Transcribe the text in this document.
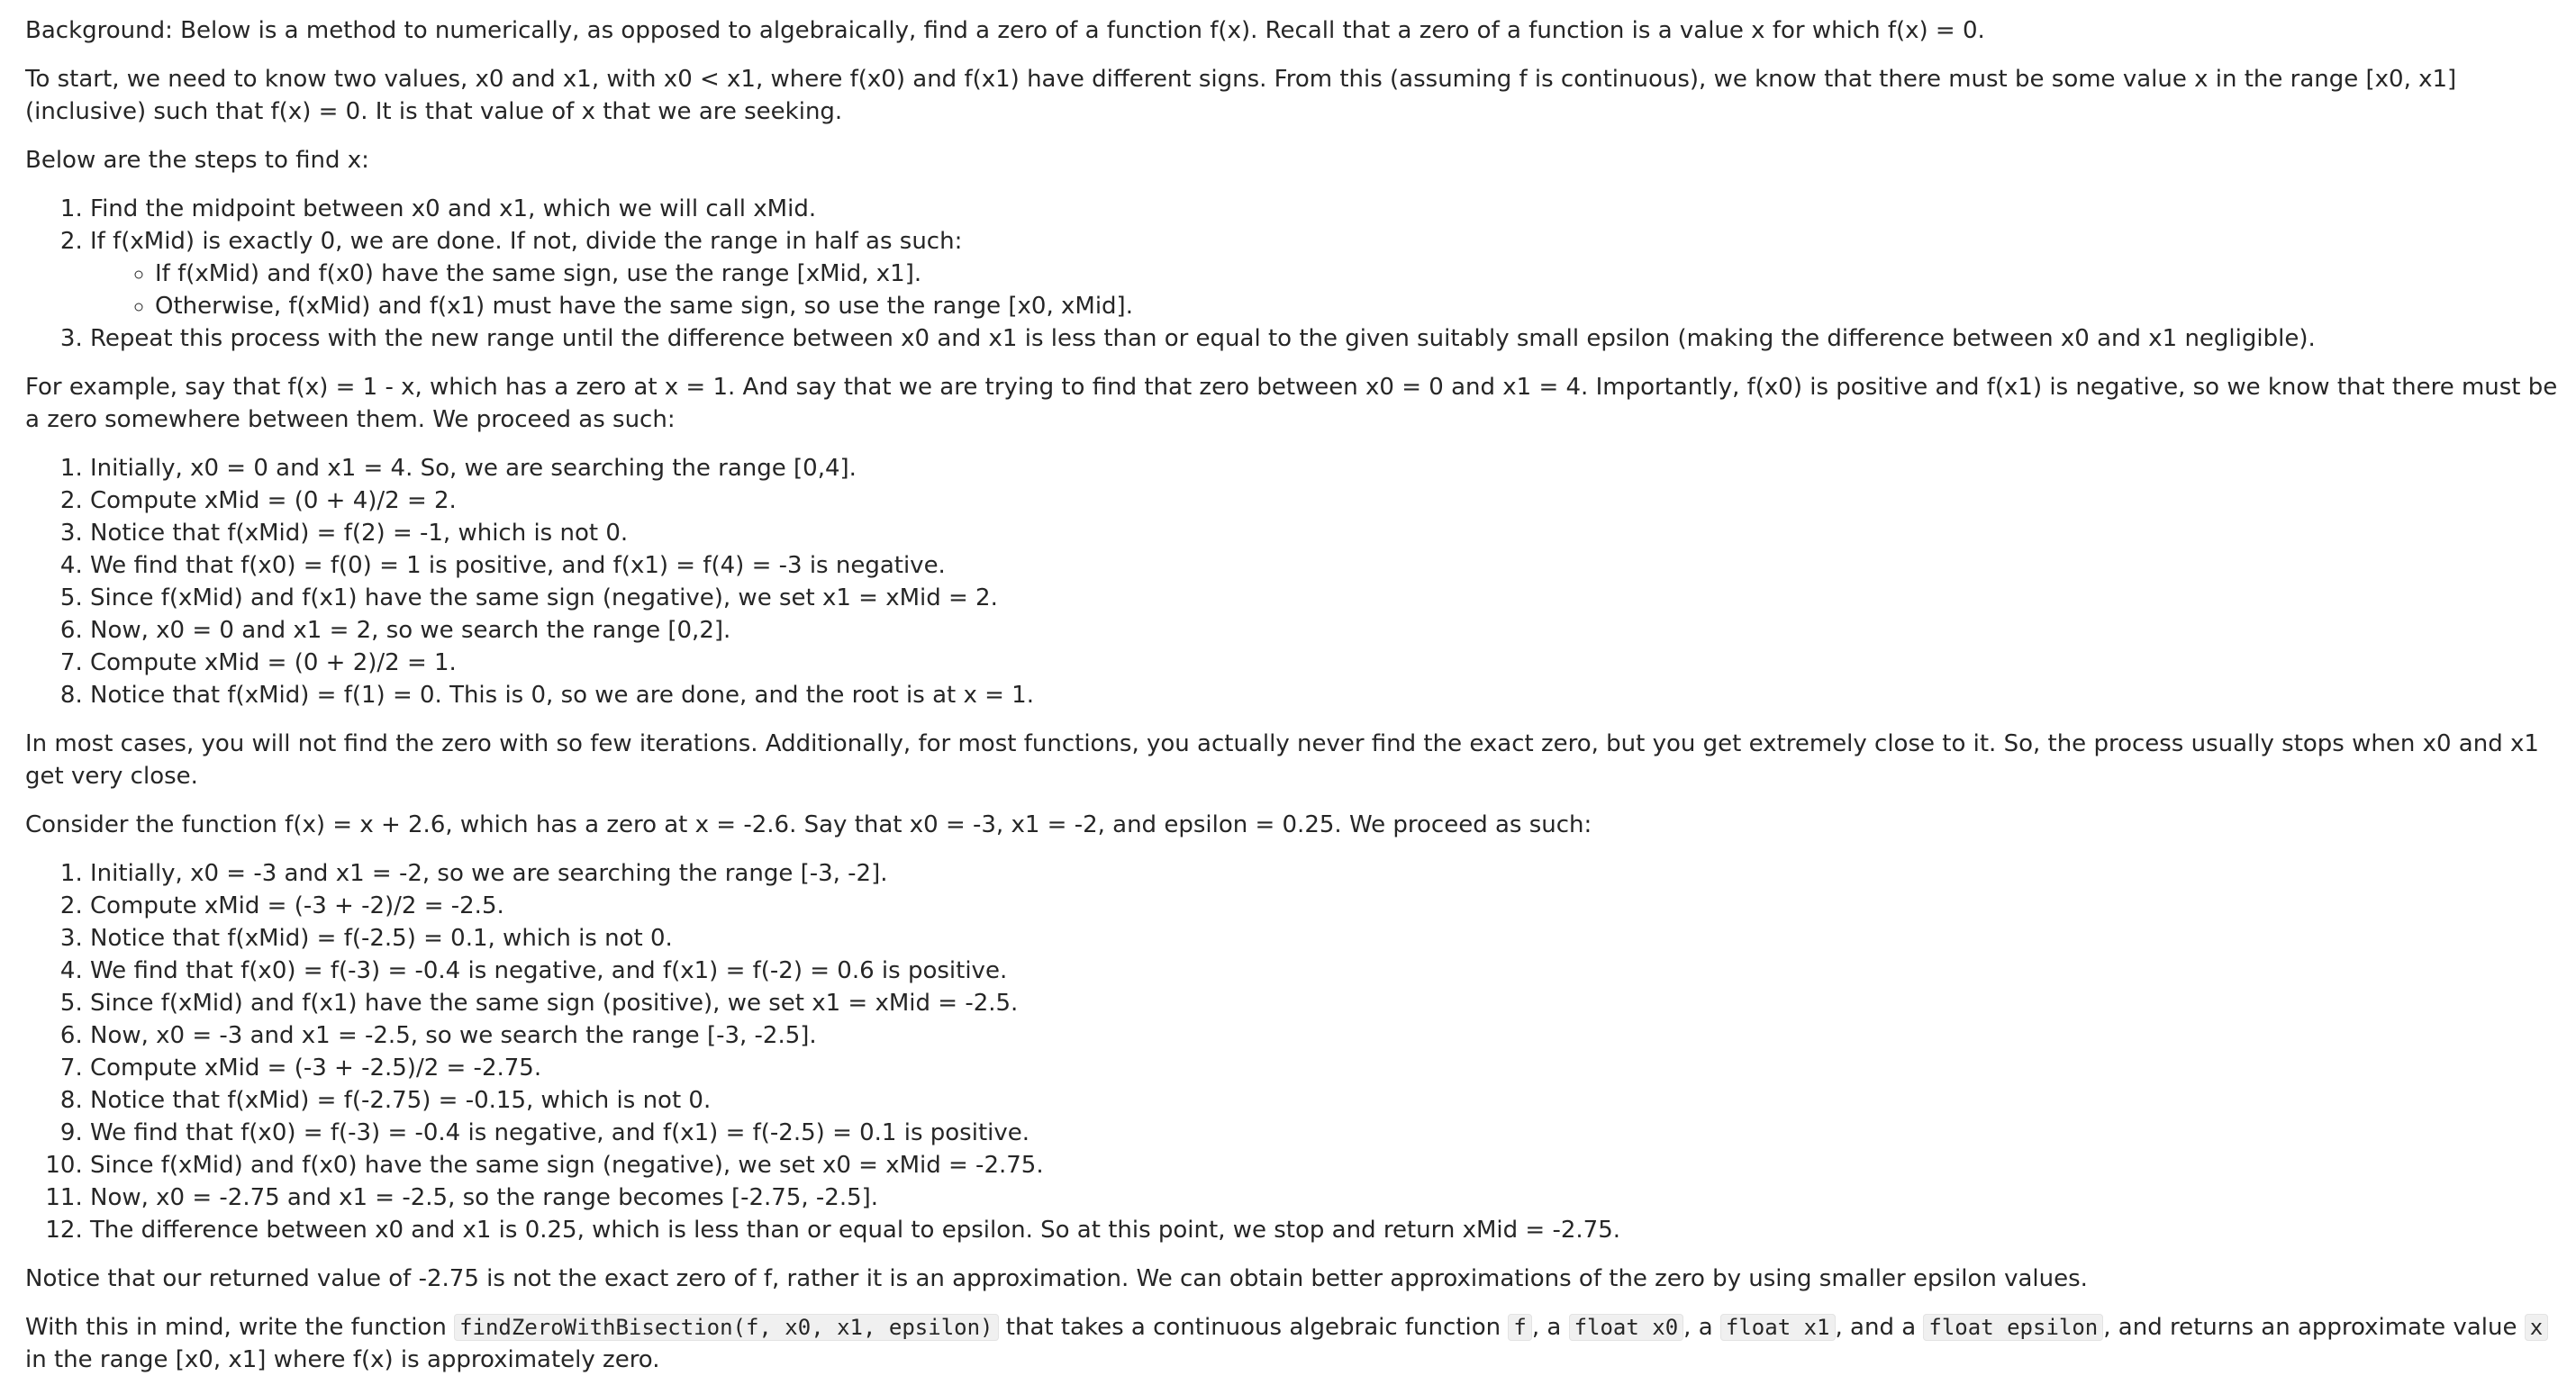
Background: Below is a method to numerically, as opposed to algebraically, find a zero of a function f(x). Recall that a zero of a function is a value x for which f(x) = 0.

To start, we need to know two values, x0 and x1, with x0 < x1, where f(x0) and f(x1) have different signs. From this (assuming f is continuous), we know that there must be some value x in the range [x0, x1] (inclusive) such that f(x) = 0. It is that value of x that we are seeking.

Below are the steps to find x:

1. Find the midpoint between x0 and x1, which we will call xMid.
2. If f(xMid) is exactly 0, we are done. If not, divide the range in half as such:
◦ If f(xMid) and f(x0) have the same sign, use the range [xMid, x1].
◦ Otherwise, f(xMid) and f(x1) must have the same sign, so use the range [x0, xMid].
3. Repeat this process with the new range until the difference between x0 and x1 is less than or equal to the given suitably small epsilon (making the difference between x0 and x1 negligible).

For example, say that f(x) = 1 - x, which has a zero at x = 1. And say that we are trying to find that zero between x0 = 0 and x1 = 4. Importantly, f(x0) is positive and f(x1) is negative, so we know that there must be a zero somewhere between them. We proceed as such:

1. Initially, x0 = 0 and x1 = 4. So, we are searching the range [0,4].
2. Compute xMid = (0 + 4)/2 = 2.
3. Notice that f(xMid) = f(2) = -1, which is not 0.
4. We find that f(x0) = f(0) = 1 is positive, and f(x1) = f(4) = -3 is negative.
5. Since f(xMid) and f(x1) have the same sign (negative), we set x1 = xMid = 2.
6. Now, x0 = 0 and x1 = 2, so we search the range [0,2].
7. Compute xMid = (0 + 2)/2 = 1.
8. Notice that f(xMid) = f(1) = 0. This is 0, so we are done, and the root is at x = 1.

In most cases, you will not find the zero with so few iterations. Additionally, for most functions, you actually never find the exact zero, but you get extremely close to it. So, the process usually stops when x0 and x1 get very close.

Consider the function f(x) = x + 2.6, which has a zero at x = -2.6. Say that x0 = -3, x1 = -2, and epsilon = 0.25. We proceed as such:

1. Initially, x0 = -3 and x1 = -2, so we are searching the range [-3, -2].
2. Compute xMid = (-3 + -2)/2 = -2.5.
3. Notice that f(xMid) = f(-2.5) = 0.1, which is not 0.
4. We find that f(x0) = f(-3) = -0.4 is negative, and f(x1) = f(-2) = 0.6 is positive.
5. Since f(xMid) and f(x1) have the same sign (positive), we set x1 = xMid = -2.5.
6. Now, x0 = -3 and x1 = -2.5, so we search the range [-3, -2.5].
7. Compute xMid = (-3 + -2.5)/2 = -2.75.
8. Notice that f(xMid) = f(-2.75) = -0.15, which is not 0.
9. We find that f(x0) = f(-3) = -0.4 is negative, and f(x1) = f(-2.5) = 0.1 is positive.
10. Since f(xMid) and f(x0) have the same sign (negative), we set x0 = xMid = -2.75.
11. Now, x0 = -2.75 and x1 = -2.5, so the range becomes [-2.75, -2.5].
12. The difference between x0 and x1 is 0.25, which is less than or equal to epsilon. So at this point, we stop and return xMid = -2.75.

Notice that our returned value of -2.75 is not the exact zero of f, rather it is an approximation. We can obtain better approximations of the zero by using smaller epsilon values.

With this in mind, write the function findZeroWithBisection(f, x0, x1, epsilon) that takes a continuous algebraic function f , a float x0 , a float x1 , and a float epsilon , and returns an approximate value x in the range [x0, x1] where f(x) is approximately zero.
